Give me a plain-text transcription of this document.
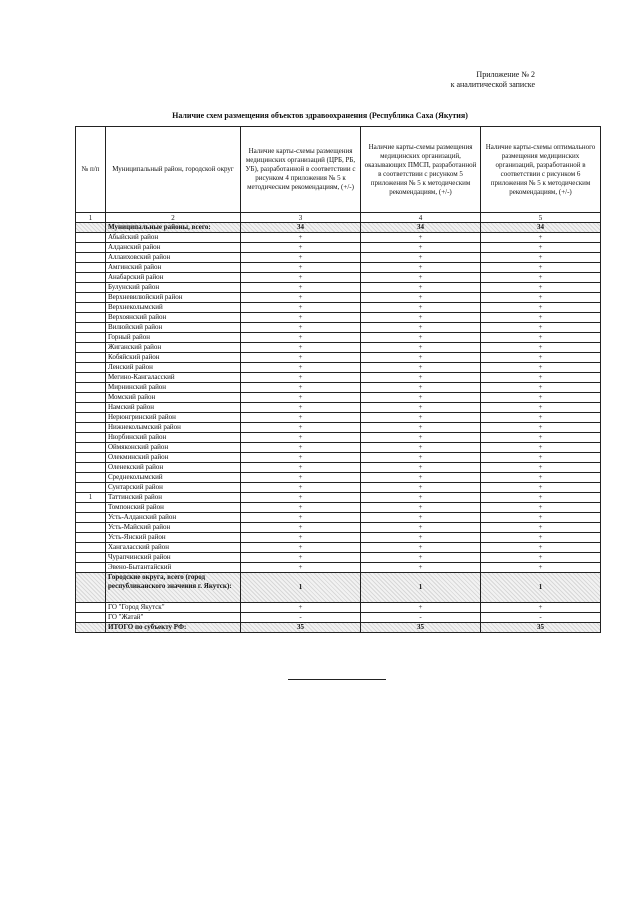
Приложение № 2
к аналитической записке
Наличие схем размещения объектов здравоохранения (Республика Саха (Якутия)
№ п/п	Муниципальный район, городской округ	Наличие карты-схемы размещения медицинских организаций (ЦРБ, РБ, УБ), разработанной в соответствии с рисунком 4 приложения № 5 к методическим рекомендациям, (+/-)	Наличие карты-схемы размещения медицинских организаций, оказывающих ПМСП, разработанной в соответствии с рисунком 5 приложения № 5 к методическим рекомендациям, (+/-)	Наличие карты-схемы оптимального размещения медицинских организаций, разработанной в соответствии с рисунком 6 приложения № 5 к методическим рекомендациям, (+/-)
1	2	3	4	5
	Муниципальные районы, всего:	34	34	34
	Абыйский район	+	+	+
	Алданский район	+	+	+
	Аллаиховский район	+	+	+
	Амгинский район	+	+	+
	Анабарский район	+	+	+
	Булунский район	+	+	+
	Верхневилюйский район	+	+	+
	Верхнеколымский	+	+	+
	Верхоянский район	+	+	+
	Вилюйский район	+	+	+
	Горный район	+	+	+
	Жиганский район	+	+	+
	Кобяйский район	+	+	+
	Ленский район	+	+	+
	Мегино-Кангаласский	+	+	+
	Мирнинский район	+	+	+
	Момский район	+	+	+
	Намский район	+	+	+
	Нерюнгринский район	+	+	+
	Нижнеколымский район	+	+	+
	Нюрбинский район	+	+	+
	Оймяконский район	+	+	+
	Олекминский район	+	+	+
	Оленекский район	+	+	+
	Среднеколымский	+	+	+
	Сунтарский район	+	+	+
1	Таттинский район	+	+	+
	Томпонский район	+	+	+
	Усть-Алданский район	+	+	+
	Усть-Майский район	+	+	+
	Усть-Янский район	+	+	+
	Хангаласский район	+	+	+
	Чурапчинский район	+	+	+
	Эвено-Бытантайский	+	+	+
	Городские округа, всего (город республиканского значения г. Якутск):	1	1	1
	ГО "Город Якутск"	+	+	+
	ГО "Жатай"	-	-	-
	ИТОГО по субъекту РФ:	35	35	35
